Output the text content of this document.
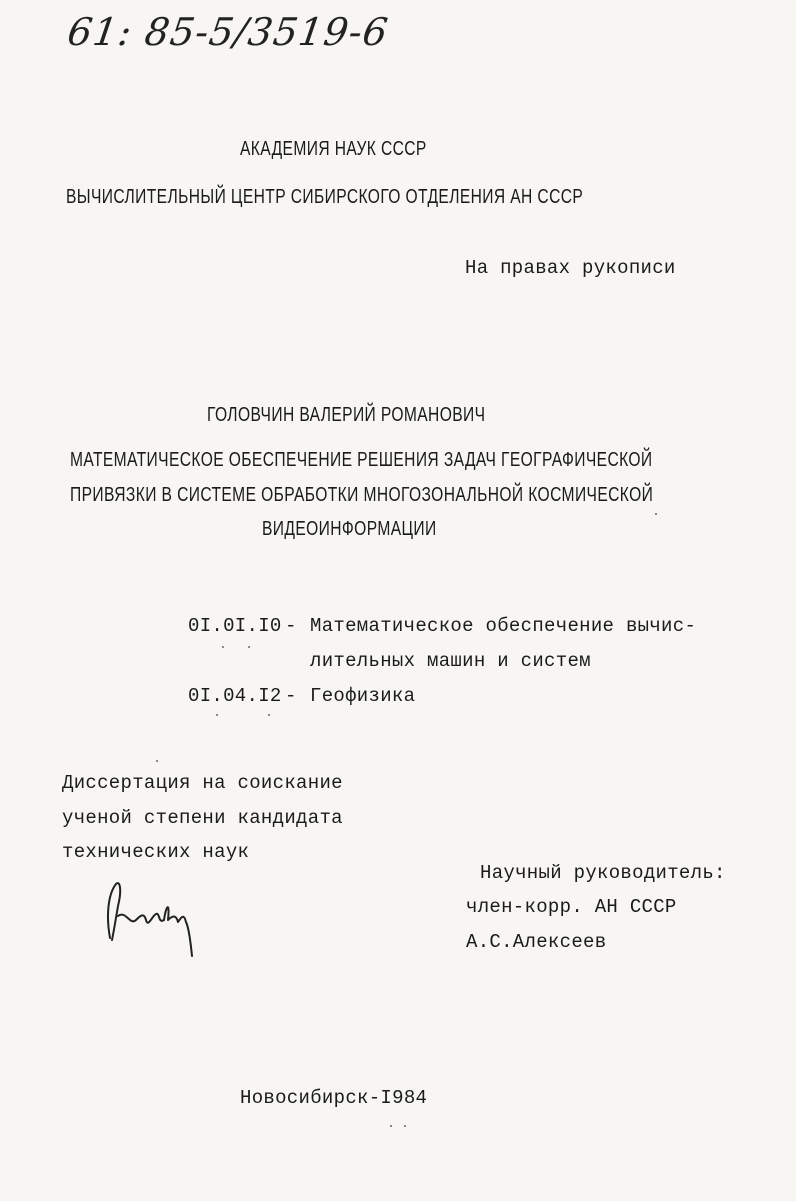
61: 85-5/3519-6
АКАДЕМИЯ НАУК СССР
ВЫЧИСЛИТЕЛЬНЫЙ ЦЕНТР СИБИРСКОГО ОТДЕЛЕНИЯ АН СССР
На правах рукописи
ГОЛОВЧИН ВАЛЕРИЙ РОМАНОВИЧ
МАТЕМАТИЧЕСКОЕ ОБЕСПЕЧЕНИЕ РЕШЕНИЯ ЗАДАЧ ГЕОГРАФИЧЕСКОЙ
ПРИВЯЗКИ В СИСТЕМЕ ОБРАБОТКИ МНОГОЗОНАЛЬНОЙ КОСМИЧЕСКОЙ
ВИДЕОИНФОРМАЦИИ
0I.0I.I0 - Математическое обеспечение вычис-
лительных машин и систем
0I.04.I2 - Геофизика
Диссертация на соискание
ученой степени кандидата
технических наук
Научный руководитель:
член-корр. АН СССР
А.С.Алексеев
Новосибирск-I984
